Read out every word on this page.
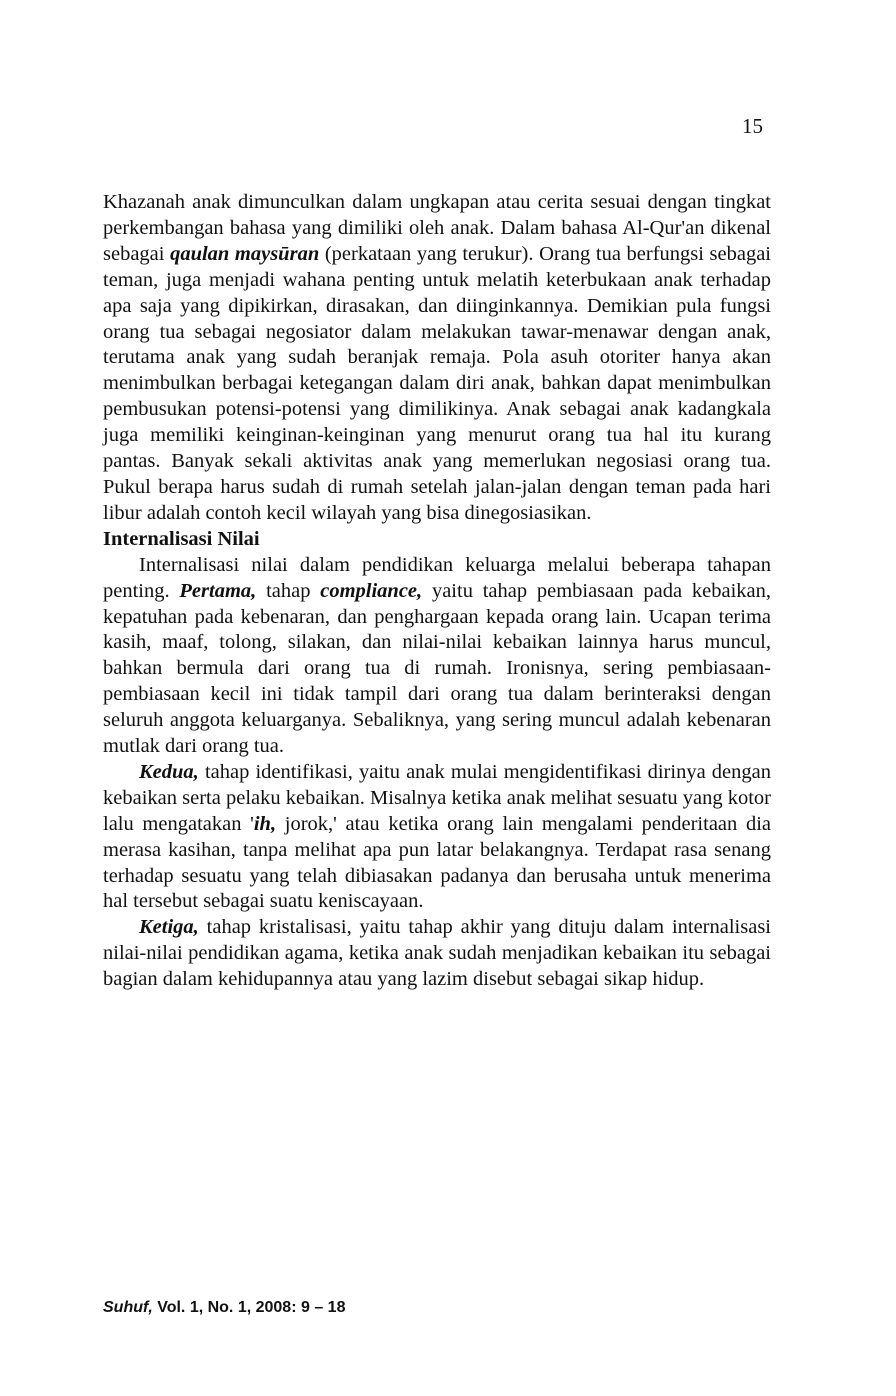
15

Khazanah anak dimunculkan dalam ungkapan atau cerita sesuai dengan tingkat perkembangan bahasa yang dimiliki oleh anak. Dalam bahasa Al-Qur'an dikenal sebagai qaulan maysūran (perkataan yang terukur). Orang tua berfungsi sebagai teman, juga menjadi wahana penting untuk melatih keterbukaan anak terhadap apa saja yang dipikirkan, dirasakan, dan diinginkannya. Demikian pula fungsi orang tua sebagai negosiator dalam melakukan tawar-menawar dengan anak, terutama anak yang sudah beranjak remaja. Pola asuh otoriter hanya akan menimbulkan berbagai ketegangan dalam diri anak, bahkan dapat menimbulkan pembusukan potensi-potensi yang dimilikinya. Anak sebagai anak kadangkala juga memiliki keinginan-keinginan yang menurut orang tua hal itu kurang pantas. Banyak sekali aktivitas anak yang memerlukan negosiasi orang tua. Pukul berapa harus sudah di rumah setelah jalan-jalan dengan teman pada hari libur adalah contoh kecil wilayah yang bisa dinegosiasikan.

Internalisasi Nilai

Internalisasi nilai dalam pendidikan keluarga melalui beberapa tahapan penting. Pertama, tahap compliance, yaitu tahap pembiasaan pada kebaikan, kepatuhan pada kebenaran, dan penghargaan kepada orang lain. Ucapan terima kasih, maaf, tolong, silakan, dan nilai-nilai kebaikan lainnya harus muncul, bahkan bermula dari orang tua di rumah. Ironisnya, sering pembiasaan-pembiasaan kecil ini tidak tampil dari orang tua dalam berinteraksi dengan seluruh anggota keluarganya. Sebaliknya, yang sering muncul adalah kebenaran mutlak dari orang tua.

Kedua, tahap identifikasi, yaitu anak mulai mengidentifikasi dirinya dengan kebaikan serta pelaku kebaikan. Misalnya ketika anak melihat sesuatu yang kotor lalu mengatakan 'ih, jorok,' atau ketika orang lain mengalami penderitaan dia merasa kasihan, tanpa melihat apa pun latar belakangnya. Terdapat rasa senang terhadap sesuatu yang telah dibiasakan padanya dan berusaha untuk menerima hal tersebut sebagai suatu keniscayaan.

Ketiga, tahap kristalisasi, yaitu tahap akhir yang dituju dalam internalisasi nilai-nilai pendidikan agama, ketika anak sudah menjadikan kebaikan itu sebagai bagian dalam kehidupannya atau yang lazim disebut sebagai sikap hidup.

Suhuf, Vol. 1, No. 1, 2008: 9 – 18
